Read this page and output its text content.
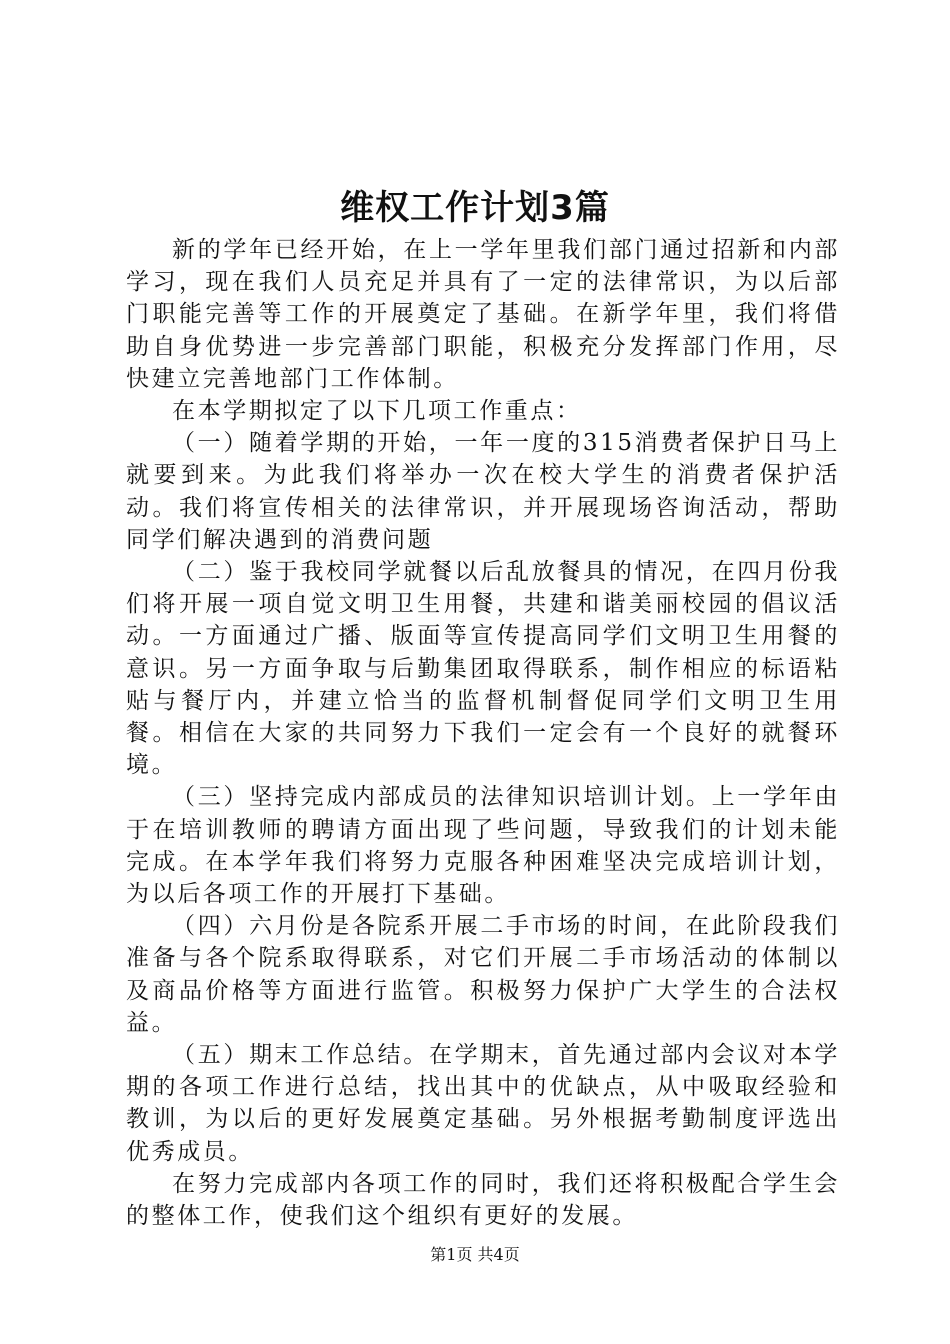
维权工作计划3篇

新的学年已经开始，在上一学年里我们部门通过招新和内部学习，现在我们人员充足并具有了一定的法律常识，为以后部门职能完善等工作的开展奠定了基础。在新学年里，我们将借助自身优势进一步完善部门职能，积极充分发挥部门作用，尽快建立完善地部门工作体制。

在本学期拟定了以下几项工作重点：

（一）随着学期的开始，一年一度的315消费者保护日马上就要到来。为此我们将举办一次在校大学生的消费者保护活动。我们将宣传相关的法律常识，并开展现场咨询活动，帮助同学们解决遇到的消费问题

（二）鉴于我校同学就餐以后乱放餐具的情况，在四月份我们将开展一项自觉文明卫生用餐，共建和谐美丽校园的倡议活动。一方面通过广播、版面等宣传提高同学们文明卫生用餐的意识。另一方面争取与后勤集团取得联系，制作相应的标语粘贴与餐厅内，并建立恰当的监督机制督促同学们文明卫生用餐。相信在大家的共同努力下我们一定会有一个良好的就餐环境。

（三）坚持完成内部成员的法律知识培训计划。上一学年由于在培训教师的聘请方面出现了些问题，导致我们的计划未能完成。在本学年我们将努力克服各种困难坚决完成培训计划，为以后各项工作的开展打下基础。

（四）六月份是各院系开展二手市场的时间，在此阶段我们准备与各个院系取得联系，对它们开展二手市场活动的体制以及商品价格等方面进行监管。积极努力保护广大学生的合法权益。

（五）期末工作总结。在学期末，首先通过部内会议对本学期的各项工作进行总结，找出其中的优缺点，从中吸取经验和教训，为以后的更好发展奠定基础。另外根据考勤制度评选出优秀成员。

在努力完成部内各项工作的同时，我们还将积极配合学生会的整体工作，使我们这个组织有更好的发展。

第1页 共4页
